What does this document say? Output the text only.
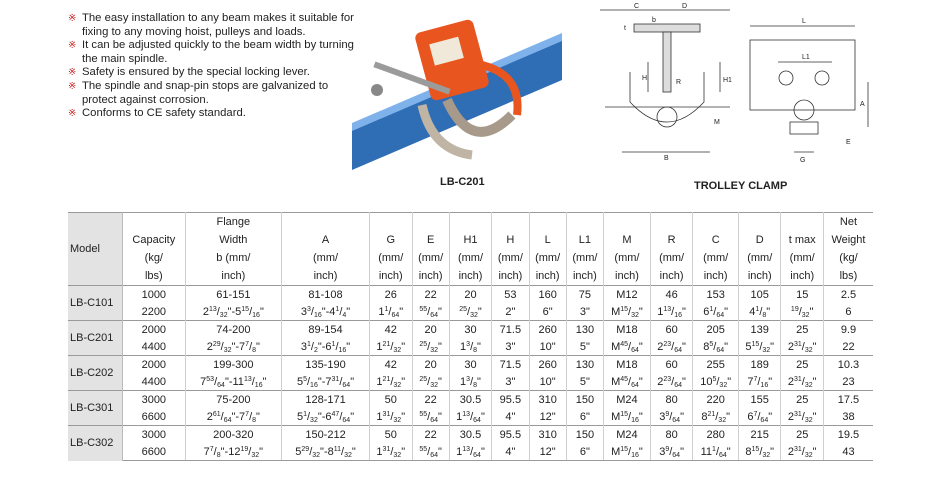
※ The easy installation to any beam makes it suitable for fixing to any moving hoist, pulleys and loads.
※ It can be adjusted quickly to the beam width by turning the main spindle.
※ Safety is ensured by the special locking lever.
※ The spindle and snap-pin stops are galvanized to protect against corrosion.
※ Conforms to CE safety standard.
LB-C201
C	D
b
t
H
R	H1
M
B
L
L1
A
E
G
TROLLEY CLAMP
Model		Flange													Net
	Capacity	Width	A	G	E	H1	H	L	L1	M	R	C	D	t max	Weight
	(kg/	b (mm/	(mm/	(mm/	(mm/	(mm/	(mm/	(mm/	(mm/	(mm/	(mm/	(mm/	(mm/	(mm/	(kg/
	lbs)	inch)	inch)	inch)	inch)	inch)	inch)	inch)	inch)	inch)	inch)	inch)	inch)	inch)	lbs)
LB-C101	1000	61-151	81-108	26	22	20	53	160	75	M12	46	153	105	15	2.5
	2200	$2^{13}/_{32}"-5^{15}/_{16}$"	$3^3/_{16}"-4^1/_4$"	$1^1/_{64}$"	$^{55}/_{64}$"	$^{25}/_{32}$"	2"	6"	3"	$M^{15}/_{32}$"	$1^{13}/_{16}$"	$6^1/_{64}$"	$4^1/_8$"	$^{19}/_{32}$"	6
LB-C201	2000	74-200	89-154	42	20	30	71.5	260	130	M18	60	205	139	25	9.9
	4400	$2^{29}/_{32}"-7^7/_8$"	$3^1/_2"-6^1/_{16}$"	$1^{21}/_{32}$"	$^{25}/_{32}$"	$1^3/_8$"	3"	10"	5"	$M^{45}/_{64}$"	$2^{23}/_{64}$"	$8^5/_{64}$"	$5^{15}/_{32}$"	$2^{31}/_{32}$"	22
LB-C202	2000	199-300	135-190	42	20	30	71.5	260	130	M18	60	255	189	25	10.3
	4400	$7^{53}/_{64}"-11^{13}/_{16}$"	$5^5/_{16}"-7^{31}/_{64}$"	$1^{21}/_{32}$"	$^{25}/_{32}$"	$1^3/_8$"	3"	10"	5"	$M^{45}/_{64}$"	$2^{23}/_{64}$"	$10^5/_{32}$"	$7^7/_{16}$"	$2^{31}/_{32}$"	23
LB-C301	3000	75-200	128-171	50	22	30.5	95.5	310	150	M24	80	220	155	25	17.5
	6600	$2^{61}/_{64}"-7^7/_8$"	$5^1/_{32}"-6^{47}/_{64}$"	$1^{31}/_{32}$"	$^{55}/_{64}$"	$1^{13}/_{64}$"	4"	12"	6"	$M^{15}/_{16}$"	$3^9/_{64}$"	$8^{21}/_{32}$"	$6^7/_{64}$"	$2^{31}/_{32}$"	38
LB-C302	3000	200-320	150-212	50	22	30.5	95.5	310	150	M24	80	280	215	25	19.5
	6600	$7^7/_8"-12^{19}/_{32}$"	$5^{29}/_{32}"-8^{11}/_{32}$"	$1^{31}/_{32}$"	$^{55}/_{64}$"	$1^{13}/_{64}$"	4"	12"	6"	$M^{15}/_{16}$"	$3^9/_{64}$"	$11^1/_{64}$"	$8^{15}/_{32}$"	$2^{31}/_{32}$"	43
